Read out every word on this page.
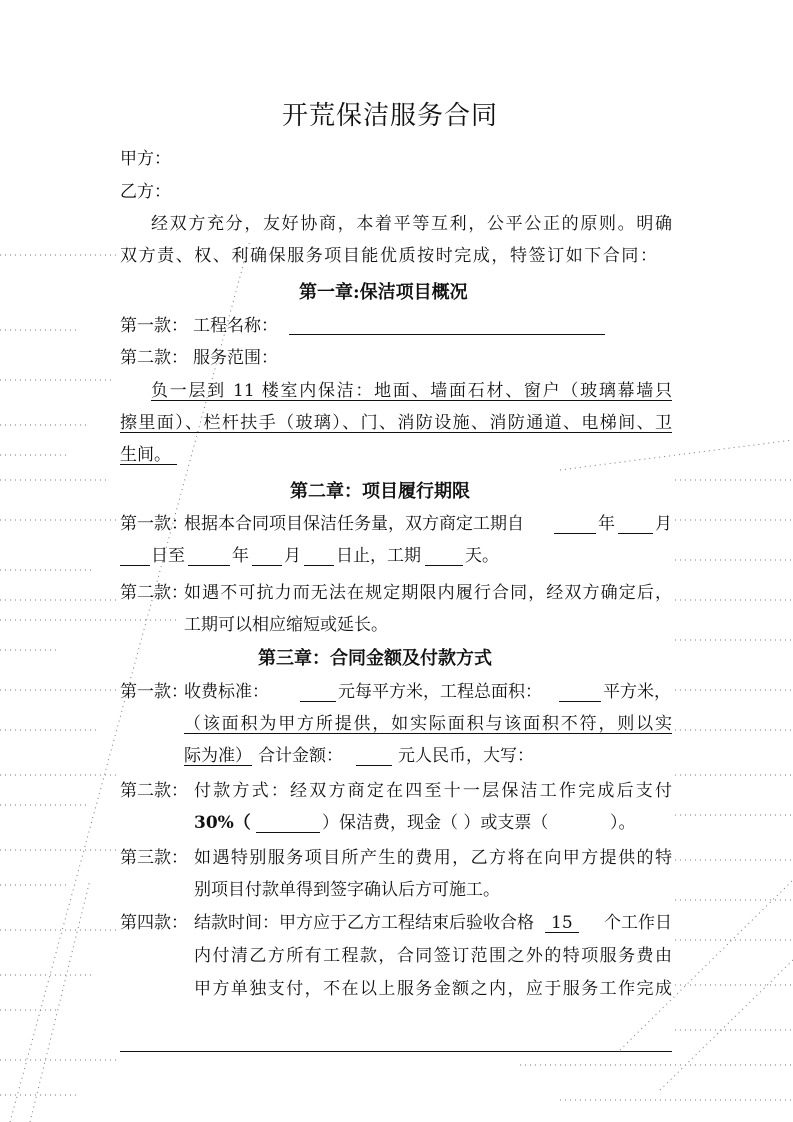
开荒保洁服务合同
甲方：
乙方：
经双方充分，友好协商，本着平等互利，公平公正的原则。明确
双方责、权、利确保服务项目能优质按时完成，特签订如下合同：
第一章:保洁项目概况
第一款： 工程名称：
第二款： 服务范围：
负一层到 11 楼室内保洁：地面、墙面石材、窗户（玻璃幕墙只
擦里面）、栏杆扶手（玻璃）、门、消防设施、消防通道、电梯间、卫
生间。
第二章：项目履行期限
第一款：
根据本合同项目保洁任务量，双方商定工期自	年 月
日至	年 月 日止，工期	天。
第二款：
如遇不可抗力而无法在规定期限内履行合同，经双方确定后，
工期可以相应缩短或延长。
第三章：合同金额及付款方式
第一款：
收费标准：	元每平方米，工程总面积：	平方米，
（该面积为甲方所提供，如实际面积与该面积不符，则以实
际为准） 合计金额：	元人民币，大写：
第二款： 付款方式：经双方商定在四至十一层保洁工作完成后支付
30%（	）保洁费，现金（ ）或支票（	）。
第三款： 如遇特别服务项目所产生的费用，乙方将在向甲方提供的特
别项目付款单得到签字确认后方可施工。
第四款： 结款时间：甲方应于乙方工程结束后验收合格	15	个工作日
内付清乙方所有工程款，合同签订范围之外的特项服务费由
甲方单独支付，不在以上服务金额之内，应于服务工作完成
